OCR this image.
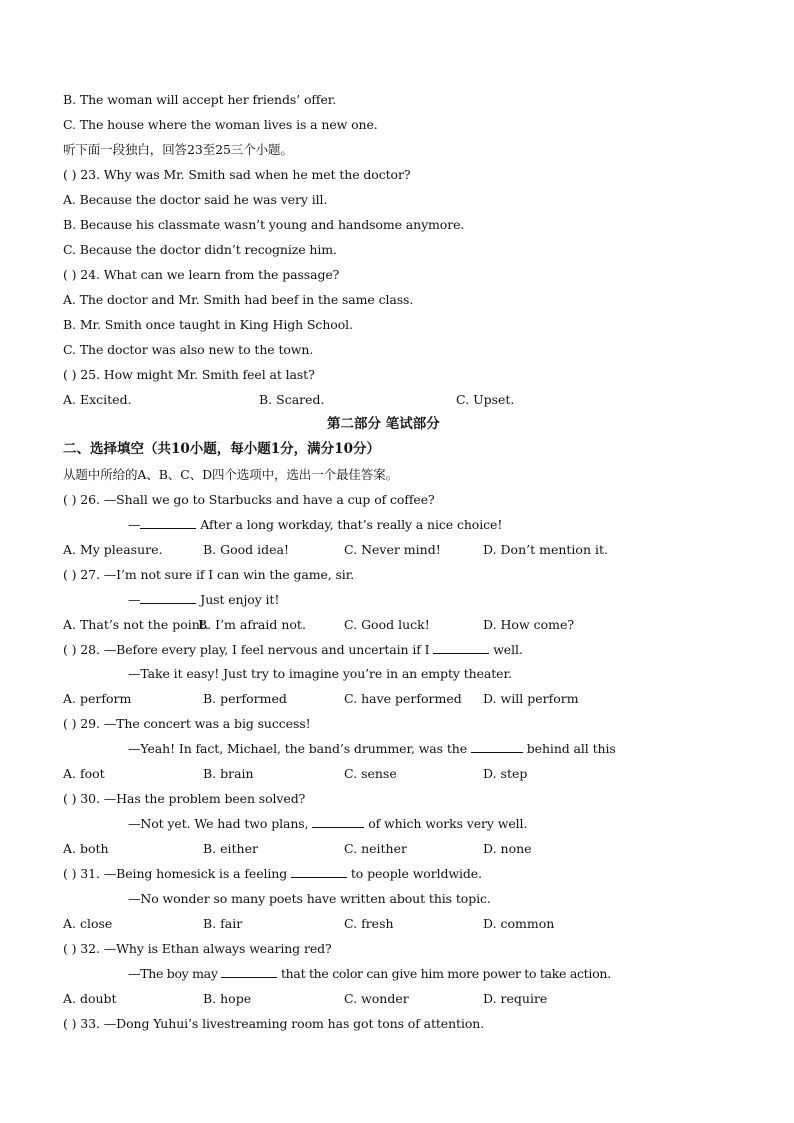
B. The woman will accept her friends’ offer.
C. The house where the woman lives is a new one.
听下面一段独白，回答23至25三个小题。
( ) 23. Why was Mr. Smith sad when he met the doctor?
A. Because the doctor said he was very ill.
B. Because his classmate wasn’t young and handsome anymore.
C. Because the doctor didn’t recognize him.
( ) 24. What can we learn from the passage?
A. The doctor and Mr. Smith had beef in the same class.
B. Mr. Smith once taught in King High School.
C. The doctor was also new to the town.
( ) 25. How might Mr. Smith feel at last?
A. Excited.	B. Scared.	C. Upset.
第二部分 笔试部分
二、选择填空（共10小题，每小题1分，满分10分）
从题中所给的A、B、C、D四个选项中，选出一个最佳答案。
( ) 26. —Shall we go to Starbucks and have a cup of coffee?
—	After a long workday, that’s really a nice choice!
A. My pleasure.	B. Good idea!	C. Never mind!	D. Don’t mention it.
( ) 27. —I’m not sure if I can win the game, sir.
—	Just enjoy it!
A. That’s not the point.
B. I’m afraid not.	C. Good luck!	D. How come?
( ) 28. —Before every play, I feel nervous and uncertain if I	well.
—Take it easy! Just try to imagine you’re in an empty theater.
A. perform	B. performed	C. have performed D. will perform
( ) 29. —The concert was a big success!
—Yeah! In fact, Michael, the band’s drummer, was the	behind all this
A. foot	B. brain	C. sense	D. step
( ) 30. —Has the problem been solved?
—Not yet. We had two plans,	of which works very well.
A. both	B. either	C. neither	D. none
( ) 31. —Being homesick is a feeling	to people worldwide.
—No wonder so many poets have written about this topic.
A. close	B. fair	C. fresh	D. common
( ) 32. —Why is Ethan always wearing red?
—The boy may	that the color can give him more power to take action.
A. doubt	B. hope	C. wonder	D. require
( ) 33. —Dong Yuhui’s livestreaming room has got tons of attention.
